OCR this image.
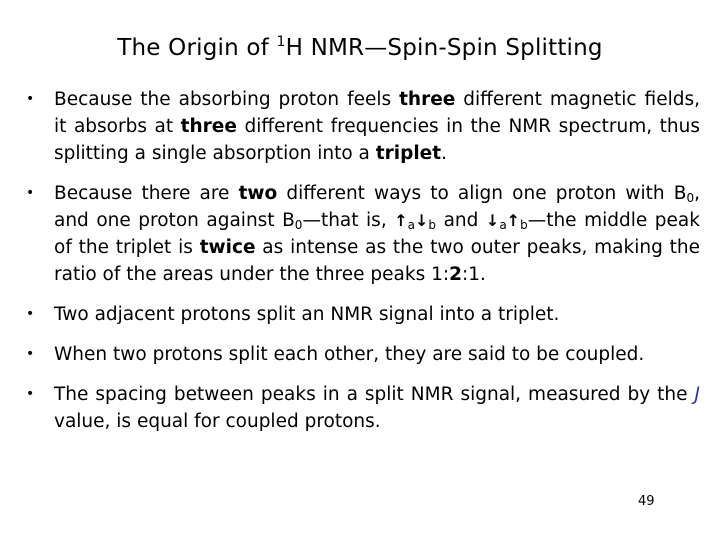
The Origin of $^1$H NMR—Spin-Spin Splitting
•	Because the absorbing proton feels three different magnetic fields, it absorbs at three different frequencies in the NMR spectrum, thus splitting a single absorption into a triplet.
•	Because there are two different ways to align one proton with $B_0$, and one proton against $B_0—that$ is, $↑_a↓_b$ and $↓_a↑_b—the$ middle peak of the triplet is twice as intense as the two outer peaks, making the ratio of the areas under the three peaks 1:2:1.
•	Two adjacent protons split an NMR signal into a triplet.
•	When two protons split each other, they are said to be coupled.
•	The spacing between peaks in a split NMR signal, measured by the J value, is equal for coupled protons.
49
